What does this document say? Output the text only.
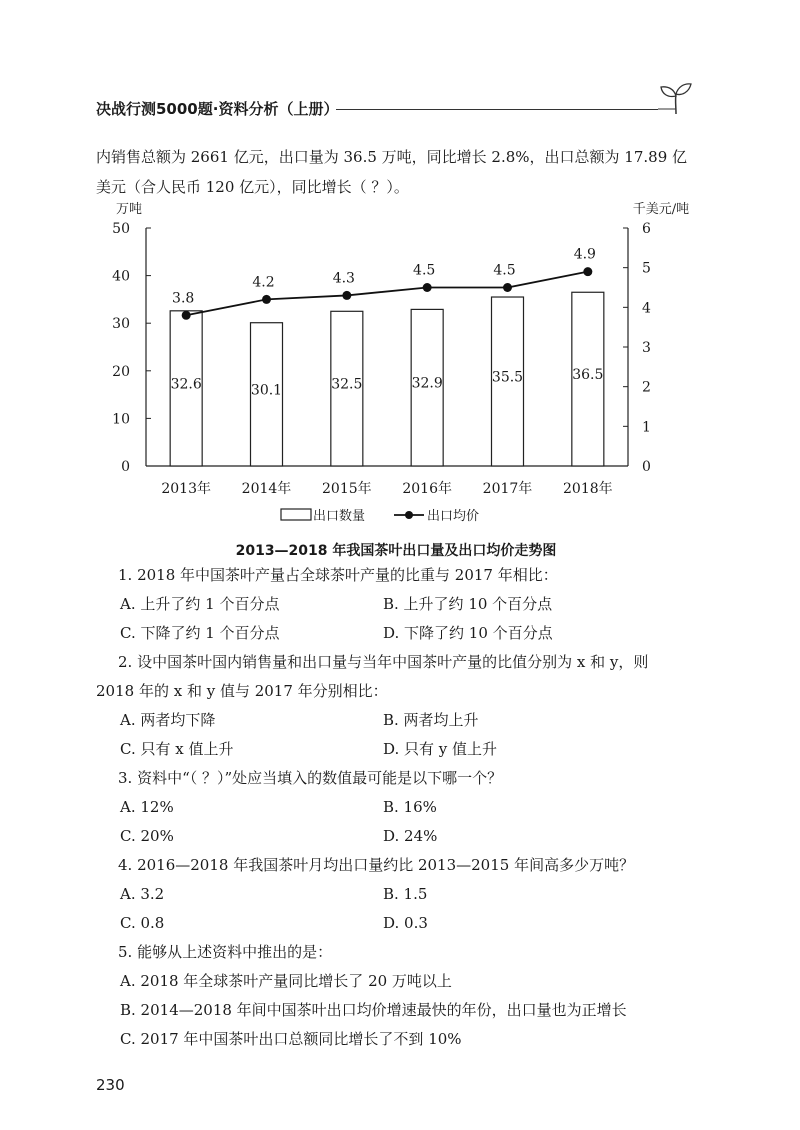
决战行测5000题·资料分析（上册）
内销售总额为 2661 亿元，出口量为 36.5 万吨，同比增长 2.8%，出口总额为 17.89 亿
美元（合人民币 120 亿元），同比增长（ ？）。
万吨	千美元/吨
0
10
20
30
40
50
0
1
2
3
4
5
6
2013年 2014年 2015年 2016年 2017年 2018年
32.6	30.1	32.5	32.9	35.5	36.5
3.8
4.2	4.3	4.5	4.5
4.9
出口数量	出口均价
2013—2018 年我国茶叶出口量及出口均价走势图
1. 2018 年中国茶叶产量占全球茶叶产量的比重与 2017 年相比：
A. 上升了约 1 个百分点	B. 上升了约 10 个百分点
C. 下降了约 1 个百分点	D. 下降了约 10 个百分点
2. 设中国茶叶国内销售量和出口量与当年中国茶叶产量的比值分别为 x 和 y，则
2018 年的 x 和 y 值与 2017 年分别相比：
A. 两者均下降	B. 两者均上升
C. 只有 x 值上升	D. 只有 y 值上升
3. 资料中“（ ？）”处应当填入的数值最可能是以下哪一个？
A. 12%	B. 16%
C. 20%	D. 24%
4. 2016—2018 年我国茶叶月均出口量约比 2013—2015 年间高多少万吨？
A. 3.2	B. 1.5
C. 0.8	D. 0.3
5. 能够从上述资料中推出的是：
A. 2018 年全球茶叶产量同比增长了 20 万吨以上
B. 2014—2018 年间中国茶叶出口均价增速最快的年份，出口量也为正增长
C. 2017 年中国茶叶出口总额同比增长了不到 10%
230
